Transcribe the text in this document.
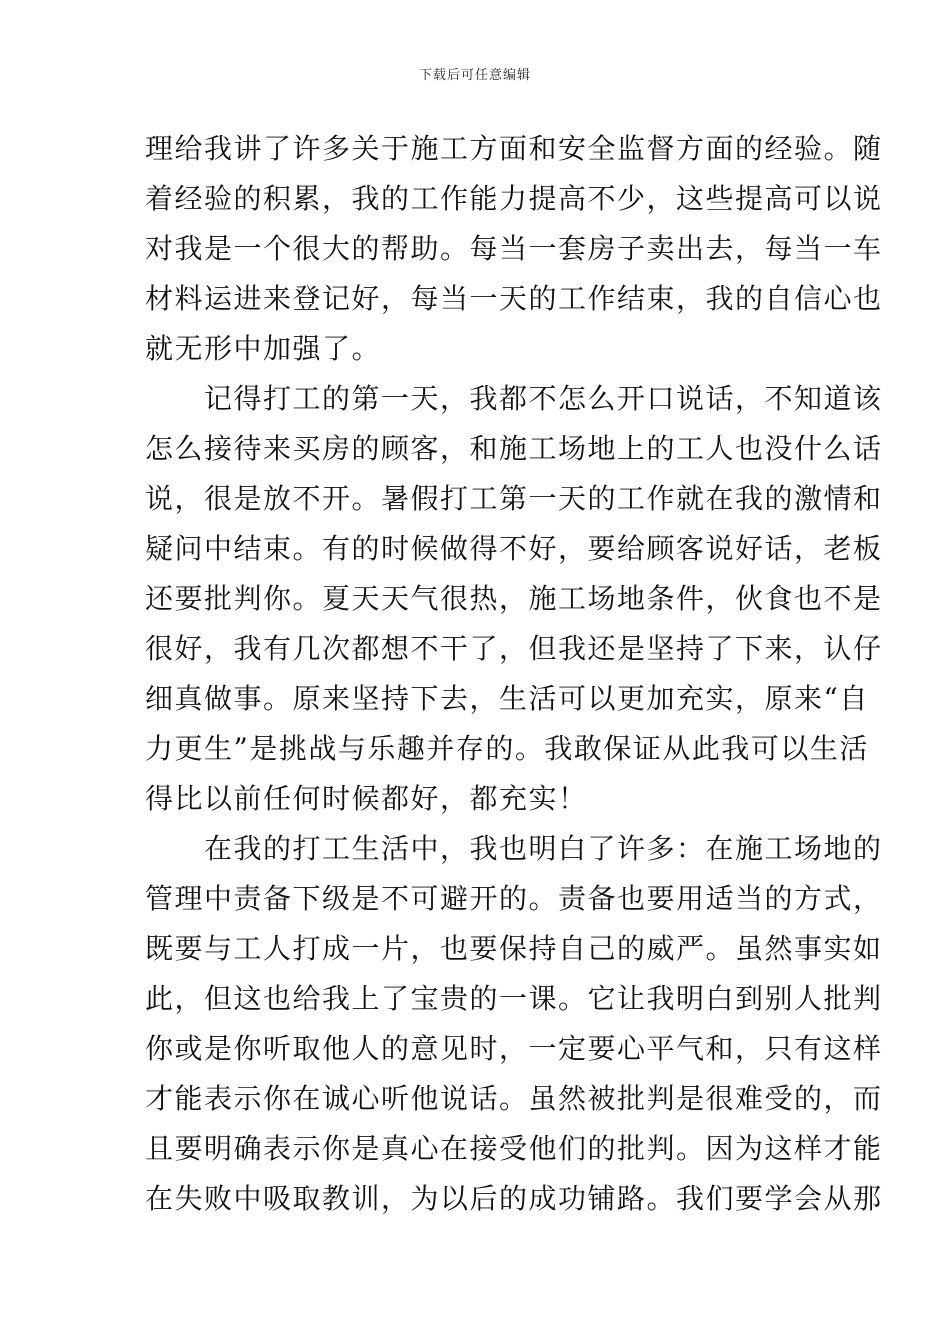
下载后可任意编辑
理给我讲了许多关于施工方面和安全监督方面的经验。随
着经验的积累，我的工作能力提高不少，这些提高可以说
对我是一个很大的帮助。每当一套房子卖出去，每当一车
材料运进来登记好，每当一天的工作结束，我的自信心也
就无形中加强了。
　　记得打工的第一天，我都不怎么开口说话，不知道该
怎么接待来买房的顾客，和施工场地上的工人也没什么话
说，很是放不开。暑假打工第一天的工作就在我的激情和
疑问中结束。有的时候做得不好，要给顾客说好话，老板
还要批判你。夏天天气很热，施工场地条件，伙食也不是
很好，我有几次都想不干了，但我还是坚持了下来，认仔
细真做事。原来坚持下去，生活可以更加充实，原来“自
力更生”是挑战与乐趣并存的。我敢保证从此我可以生活
得比以前任何时候都好，都充实！
　　在我的打工生活中，我也明白了许多：在施工场地的
管理中责备下级是不可避开的。责备也要用适当的方式，
既要与工人打成一片，也要保持自己的威严。虽然事实如
此，但这也给我上了宝贵的一课。它让我明白到别人批判
你或是你听取他人的意见时，一定要心平气和，只有这样
才能表示你在诚心听他说话。虽然被批判是很难受的，而
且要明确表示你是真心在接受他们的批判。因为这样才能
在失败中吸取教训，为以后的成功铺路。我们要学会从那
